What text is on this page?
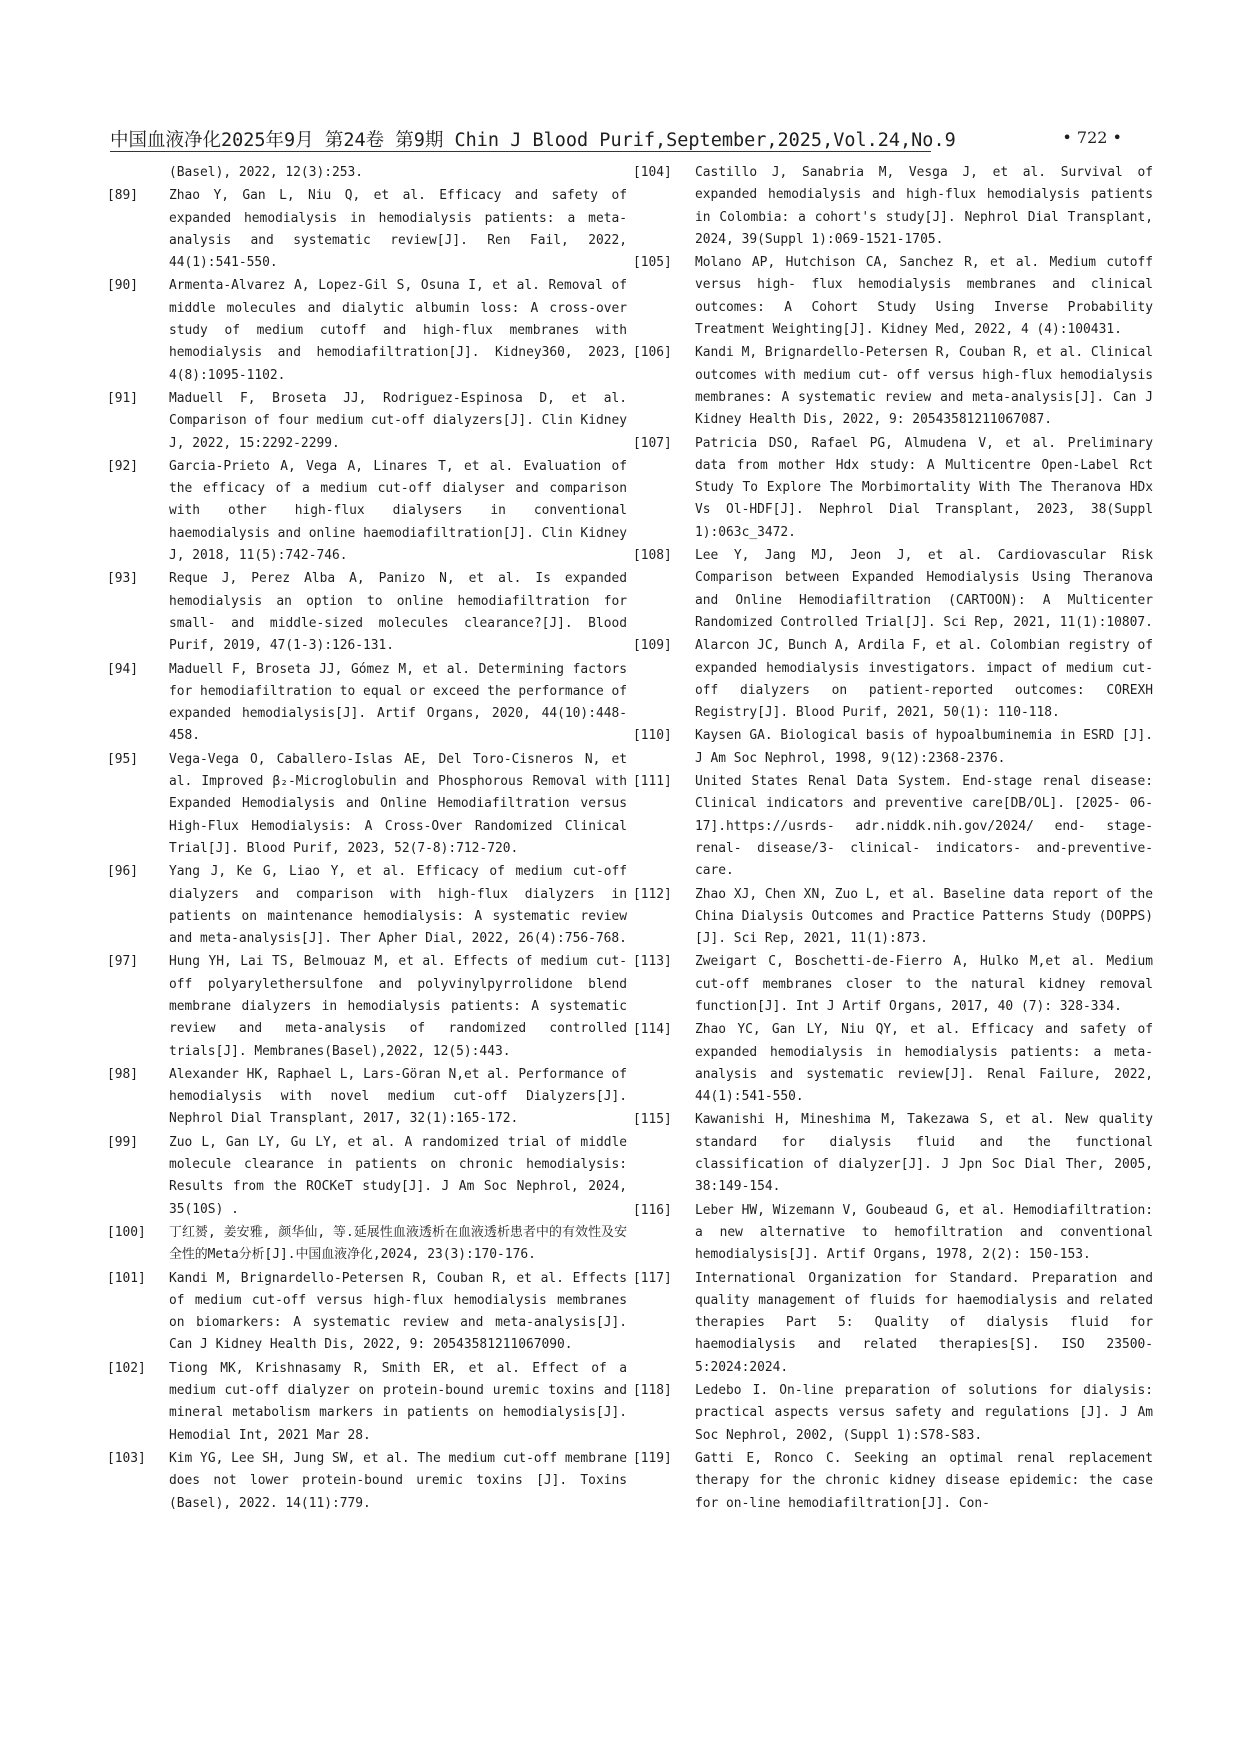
中国血液净化2025年9月 第24卷 第9期 Chin J Blood Purif,September,2025,Vol.24,No.9	• 722 •
(Basel), 2022, 12(3):253.
[89] Zhao Y, Gan L, Niu Q, et al. Efficacy and safety of expanded hemodialysis in hemodialysis patients: a meta- analysis and systematic review[J]. Ren Fail, 2022, 44(1):541-550.
[90] Armenta-Alvarez A, Lopez-Gil S, Osuna I, et al. Removal of middle molecules and dialytic albumin loss: A cross-over study of medium cutoff and high-flux membranes with hemodialysis and hemodiafiltration[J]. Kidney360, 2023, 4(8):1095-1102.
[91] Maduell F, Broseta JJ, Rodriguez-Espinosa D, et al. Comparison of four medium cut-off dialyzers[J]. Clin Kidney J, 2022, 15:2292-2299.
[92] Garcia-Prieto A, Vega A, Linares T, et al. Evaluation of the efficacy of a medium cut-off dialyser and comparison with other high-flux dialysers in conventional haemodialysis and online haemodiafiltration[J]. Clin Kidney J, 2018, 11(5):742-746.
[93] Reque J, Perez Alba A, Panizo N, et al. Is expanded hemodialysis an option to online hemodiafiltration for small- and middle-sized molecules clearance?[J]. Blood Purif, 2019, 47(1-3):126-131.
[94] Maduell F, Broseta JJ, Gómez M, et al. Determining factors for hemodiafiltration to equal or exceed the performance of expanded hemodialysis[J]. Artif Organs, 2020, 44(10):448-458.
[95] Vega-Vega O, Caballero-Islas AE, Del Toro-Cisneros N, et al. Improved β₂-Microglobulin and Phosphorous Removal with Expanded Hemodialysis and Online Hemodiafiltration versus High-Flux Hemodialysis: A Cross-Over Randomized Clinical Trial[J]. Blood Purif, 2023, 52(7-8):712-720.
[96] Yang J, Ke G, Liao Y, et al. Efficacy of medium cut-off dialyzers and comparison with high-flux dialyzers in patients on maintenance hemodialysis: A systematic review and meta-analysis[J]. Ther Apher Dial, 2022, 26(4):756-768.
[97] Hung YH, Lai TS, Belmouaz M, et al. Effects of medium cut- off polyarylethersulfone and polyvinylpyrrolidone blend membrane dialyzers in hemodialysis patients: A systematic review and meta-analysis of randomized controlled trials[J]. Membranes(Basel),2022, 12(5):443.
[98] Alexander HK, Raphael L, Lars-Göran N,et al. Performance of hemodialysis with novel medium cut-off Dialyzers[J]. Nephrol Dial Transplant, 2017, 32(1):165-172.
[99] Zuo L, Gan LY, Gu LY, et al. A randomized trial of middle molecule clearance in patients on chronic hemodialysis: Results from the ROCKeT study[J]. J Am Soc Nephrol, 2024, 35(10S) .
[100] 丁红赟, 姜安雅, 颜华仙, 等.延展性血液透析在血液透析患者中的有效性及安全性的Meta分析[J].中国血液净化,2024, 23(3):170-176.
[101] Kandi M, Brignardello-Petersen R, Couban R, et al. Effects of medium cut-off versus high-flux hemodialysis membranes on biomarkers: A systematic review and meta-analysis[J]. Can J Kidney Health Dis, 2022, 9: 20543581211067090.
[102] Tiong MK, Krishnasamy R, Smith ER, et al. Effect of a medium cut-off dialyzer on protein-bound uremic toxins and mineral metabolism markers in patients on hemodialysis[J]. Hemodial Int, 2021 Mar 28.
[103] Kim YG, Lee SH, Jung SW, et al. The medium cut-off membrane does not lower protein-bound uremic toxins [J]. Toxins (Basel), 2022. 14(11):779.
[104] Castillo J, Sanabria M, Vesga J, et al. Survival of expanded hemodialysis and high-flux hemodialysis patients in Colombia: a cohort's study[J]. Nephrol Dial Transplant, 2024, 39(Suppl 1):069-1521-1705.
[105] Molano AP, Hutchison CA, Sanchez R, et al. Medium cutoff versus high- flux hemodialysis membranes and clinical outcomes: A Cohort Study Using Inverse Probability Treatment Weighting[J]. Kidney Med, 2022, 4 (4):100431.
[106] Kandi M, Brignardello-Petersen R, Couban R, et al. Clinical outcomes with medium cut- off versus high-flux hemodialysis membranes: A systematic review and meta-analysis[J]. Can J Kidney Health Dis, 2022, 9: 20543581211067087.
[107] Patricia DSO, Rafael PG, Almudena V, et al. Preliminary data from mother Hdx study: A Multicentre Open-Label Rct Study To Explore The Morbimortality With The Theranova HDx Vs Ol-HDF[J]. Nephrol Dial Transplant, 2023, 38(Suppl 1):063c_3472.
[108] Lee Y, Jang MJ, Jeon J, et al. Cardiovascular Risk Comparison between Expanded Hemodialysis Using Theranova and Online Hemodiafiltration (CARTOON): A Multicenter Randomized Controlled Trial[J]. Sci Rep, 2021, 11(1):10807.
[109] Alarcon JC, Bunch A, Ardila F, et al. Colombian registry of expanded hemodialysis investigators. impact of medium cut-off dialyzers on patient-reported outcomes: COREXH Registry[J]. Blood Purif, 2021, 50(1): 110-118.
[110] Kaysen GA. Biological basis of hypoalbuminemia in ESRD [J]. J Am Soc Nephrol, 1998, 9(12):2368-2376.
[111] United States Renal Data System. End-stage renal disease: Clinical indicators and preventive care[DB/OL]. [2025- 06- 17].https://usrds- adr.niddk.nih.gov/2024/ end- stage- renal- disease/3- clinical- indicators- and-preventive-care.
[112] Zhao XJ, Chen XN, Zuo L, et al. Baseline data report of the China Dialysis Outcomes and Practice Patterns Study (DOPPS) [J]. Sci Rep, 2021, 11(1):873.
[113] Zweigart C, Boschetti-de-Fierro A, Hulko M,et al. Medium cut-off membranes closer to the natural kidney removal function[J]. Int J Artif Organs, 2017, 40 (7): 328-334.
[114] Zhao YC, Gan LY, Niu QY, et al. Efficacy and safety of expanded hemodialysis in hemodialysis patients: a meta-analysis and systematic review[J]. Renal Failure, 2022, 44(1):541-550.
[115] Kawanishi H, Mineshima M, Takezawa S, et al. New quality standard for dialysis fluid and the functional classification of dialyzer[J]. J Jpn Soc Dial Ther, 2005, 38:149-154.
[116] Leber HW, Wizemann V, Goubeaud G, et al. Hemodiafiltration: a new alternative to hemofiltration and conventional hemodialysis[J]. Artif Organs, 1978, 2(2): 150-153.
[117] International Organization for Standard. Preparation and quality management of fluids for haemodialysis and related therapies Part 5: Quality of dialysis fluid for haemodialysis and related therapies[S]. ISO 23500-5:2024:2024.
[118] Ledebo I. On-line preparation of solutions for dialysis: practical aspects versus safety and regulations [J]. J Am Soc Nephrol, 2002, (Suppl 1):S78-S83.
[119] Gatti E, Ronco C. Seeking an optimal renal replacement therapy for the chronic kidney disease epidemic: the case for on-line hemodiafiltration[J]. Con-
